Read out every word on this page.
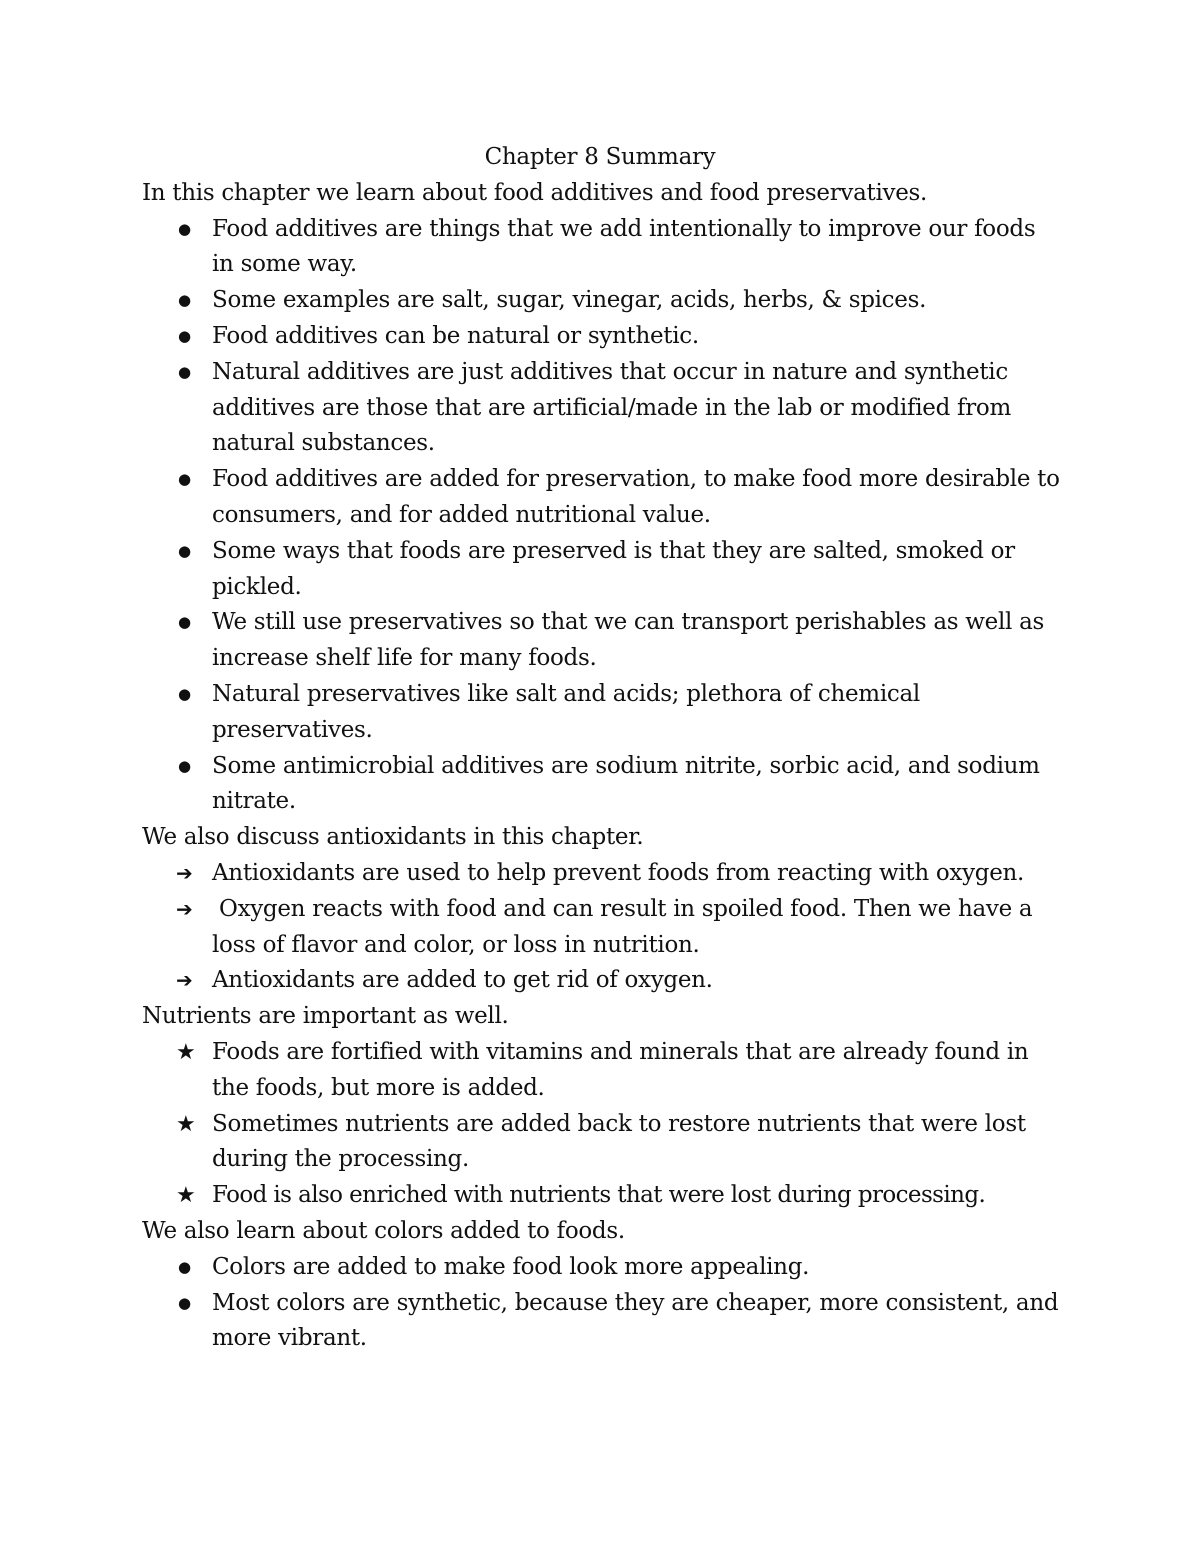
Chapter 8 Summary

In this chapter we learn about food additives and food preservatives.

● Food additives are things that we add intentionally to improve our foods in some way.
● Some examples are salt, sugar, vinegar, acids, herbs, & spices.
● Food additives can be natural or synthetic.
● Natural additives are just additives that occur in nature and synthetic additives are those that are artificial/made in the lab or modified from natural substances.
● Food additives are added for preservation, to make food more desirable to consumers, and for added nutritional value.
● Some ways that foods are preserved is that they are salted, smoked or pickled.
● We still use preservatives so that we can transport perishables as well as increase shelf life for many foods.
● Natural preservatives like salt and acids; plethora of chemical preservatives.
● Some antimicrobial additives are sodium nitrite, sorbic acid, and sodium nitrate.

We also discuss antioxidants in this chapter.

➔ Antioxidants are used to help prevent foods from reacting with oxygen.
➔ Oxygen reacts with food and can result in spoiled food. Then we have a loss of flavor and color, or loss in nutrition.
➔ Antioxidants are added to get rid of oxygen.

Nutrients are important as well.

★ Foods are fortified with vitamins and minerals that are already found in the foods, but more is added.
★ Sometimes nutrients are added back to restore nutrients that were lost during the processing.
★ Food is also enriched with nutrients that were lost during processing.

We also learn about colors added to foods.

● Colors are added to make food look more appealing.
● Most colors are synthetic, because they are cheaper, more consistent, and more vibrant.
